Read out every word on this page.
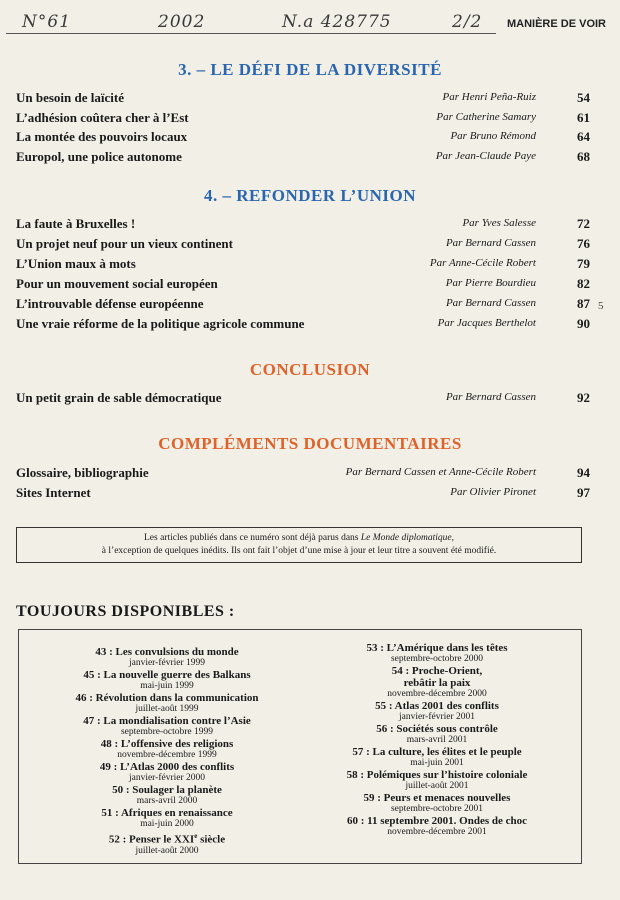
N°61	2002	N.a 428775	2/2 MANIÈRE DE VOIR
3. – LE DÉFI DE LA DIVERSITÉ
Un besoin de laïcité	Par Henri Peña-Ruiz	54
L’adhésion coûtera cher à l’Est	Par Catherine Samary	61
La montée des pouvoirs locaux	Par Bruno Rémond	64
Europol, une police autonome	Par Jean-Claude Paye	68
4. – REFONDER L’UNION
La faute à Bruxelles !	Par Yves Salesse	72
Un projet neuf pour un vieux continent	Par Bernard Cassen	76
L’Union maux à mots	Par Anne-Cécile Robert	79
Pour un mouvement social européen	Par Pierre Bourdieu	82
L’introuvable défense européenne	Par Bernard Cassen	87
Une vraie réforme de la politique agricole commune	Par Jacques Berthelot	90
5
CONCLUSION
Un petit grain de sable démocratique	Par Bernard Cassen	92
COMPLÉMENTS DOCUMENTAIRES
Glossaire, bibliographie	Par Bernard Cassen et Anne-Cécile Robert	94
Sites Internet	Par Olivier Pironet	97
Les articles publiés dans ce numéro sont déjà parus dans Le Monde diplomatique,
à l’exception de quelques inédits. Ils ont fait l’objet d’une mise à jour et leur titre a souvent été modifié.
TOUJOURS DISPONIBLES :
43 : Les convulsions du monde
janvier-février 1999
45 : La nouvelle guerre des Balkans
mai-juin 1999
46 : Révolution dans la communication
juillet-août 1999
47 : La mondialisation contre l’Asie
septembre-octobre 1999
48 : L’offensive des religions
novembre-décembre 1999
49 : L’Atlas 2000 des conflits
janvier-février 2000
50 : Soulager la planète
mars-avril 2000
51 : Afriques en renaissance
mai-juin 2000
52 : Penser le XXIe siècle
juillet-août 2000
53 : L’Amérique dans les têtes
septembre-octobre 2000
54 : Proche-Orient,
rebâtir la paix
novembre-décembre 2000
55 : Atlas 2001 des conflits
janvier-février 2001
56 : Sociétés sous contrôle
mars-avril 2001
57 : La culture, les élites et le peuple
mai-juin 2001
58 : Polémiques sur l’histoire coloniale
juillet-août 2001
59 : Peurs et menaces nouvelles
septembre-octobre 2001
60 : 11 septembre 2001. Ondes de choc
novembre-décembre 2001
